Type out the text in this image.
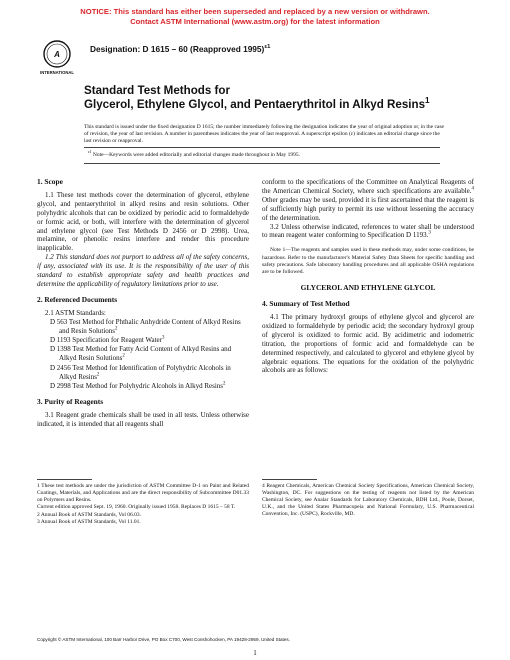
NOTICE: This standard has either been superseded and replaced by a new version or withdrawn.
Contact ASTM International (www.astm.org) for the latest information
A
INTERNATIONAL
Designation: D 1615 – 60 (Reapproved 1995)$^{\varepsilon 1}$
Standard Test Methods for
Glycerol, Ethylene Glycol, and Pentaerythritol in Alkyd Resins$^1$
This standard is issued under the fixed designation D 1615; the number immediately following the designation indicates the year of original adoption or, in the case of revision, the year of last revision. A number in parentheses indicates the year of last reapproval. A superscript epsilon (ε) indicates an editorial change since the last revision or reapproval.
$^{\varepsilon 1}$ Note—Keywords were added editorially and editorial changes made throughout in May 1995.

1. Scope

1.1 These test methods cover the determination of glycerol, ethylene glycol, and pentaerythritol in alkyd resins and resin solutions. Other polyhydric alcohols that can be oxidized by periodic acid to formaldehyde or formic acid, or both, will interfere with the determination of glycerol and ethylene glycol (see Test Methods D 2456 or D 2998). Urea, melamine, or phenolic resins interfere and render this procedure inapplicable.

1.2 This standard does not purport to address all of the safety concerns, if any, associated with its use. It is the responsibility of the user of this standard to establish appropriate safety and health practices and determine the applicability of regulatory limitations prior to use.

2. Referenced Documents

2.1 ASTM Standards:

D 563 Test Method for Phthalic Anhydride Content of Alkyd Resins and Resin Solutions$^2$

D 1193 Specification for Reagent Water$^3$

D 1398 Test Method for Fatty Acid Content of Alkyd Resins and Alkyd Resin Solutions$^2$

D 2456 Test Method for Identification of Polyhydric Alcohols in Alkyd Resins$^2$

D 2998 Test Method for Polyhydric Alcohols in Alkyd Resins$^2$

3. Purity of Reagents

3.1 Reagent grade chemicals shall be used in all tests. Unless otherwise indicated, it is intended that all reagents shall

conform to the specifications of the Committee on Analytical Reagents of the American Chemical Society, where such specifications are available.$^4$ Other grades may be used, provided it is first ascertained that the reagent is of sufficiently high purity to permit its use without lessening the accuracy of the determination.

3.2 Unless otherwise indicated, references to water shall be understood to mean reagent water conforming to Specification D 1193.$^3$

Note 1—The reagents and samples used in these methods may, under some conditions, be hazardous. Refer to the manufacturer's Material Safety Data Sheets for specific handling and safety precautions. Safe laboratory handling procedures and all applicable OSHA regulations are to be followed.

GLYCEROL AND ETHYLENE GLYCOL

4. Summary of Test Method

4.1 The primary hydroxyl groups of ethylene glycol and glycerol are oxidized to formaldehyde by periodic acid; the secondary hydroxyl group of glycerol is oxidized to formic acid. By acidimetric and iodometric titration, the proportions of formic acid and formaldehyde can be determined respectively, and calculated to glycerol and ethylene glycol by algebraic equations. The equations for the oxidation of the polyhydric alcohols are as follows:

1 These test methods are under the jurisdiction of ASTM Committee D-1 on Paint and Related Coatings, Materials, and Applications and are the direct responsibility of Subcommittee D01.33 on Polymers and Resins.

Current edition approved Sept. 19, 1960. Originally issued 1958. Replaces D 1615 – 58 T.

2 Annual Book of ASTM Standards, Vol 06.03.

3 Annual Book of ASTM Standards, Vol 11.01.

4 Reagent Chemicals, American Chemical Society Specifications, American Chemical Society, Washington, DC. For suggestions on the testing of reagents not listed by the American Chemical Society, see Analar Standards for Laboratory Chemicals, BDH Ltd., Poole, Dorset, U.K., and the United States Pharmacopeia and National Formulary, U.S. Pharmaceutical Convention, Inc. (USPC), Rockville, MD.

Copyright © ASTM International, 100 Barr Harbor Drive, PO Box C700, West Conshohocken, PA 19428-2959, United States.
1
